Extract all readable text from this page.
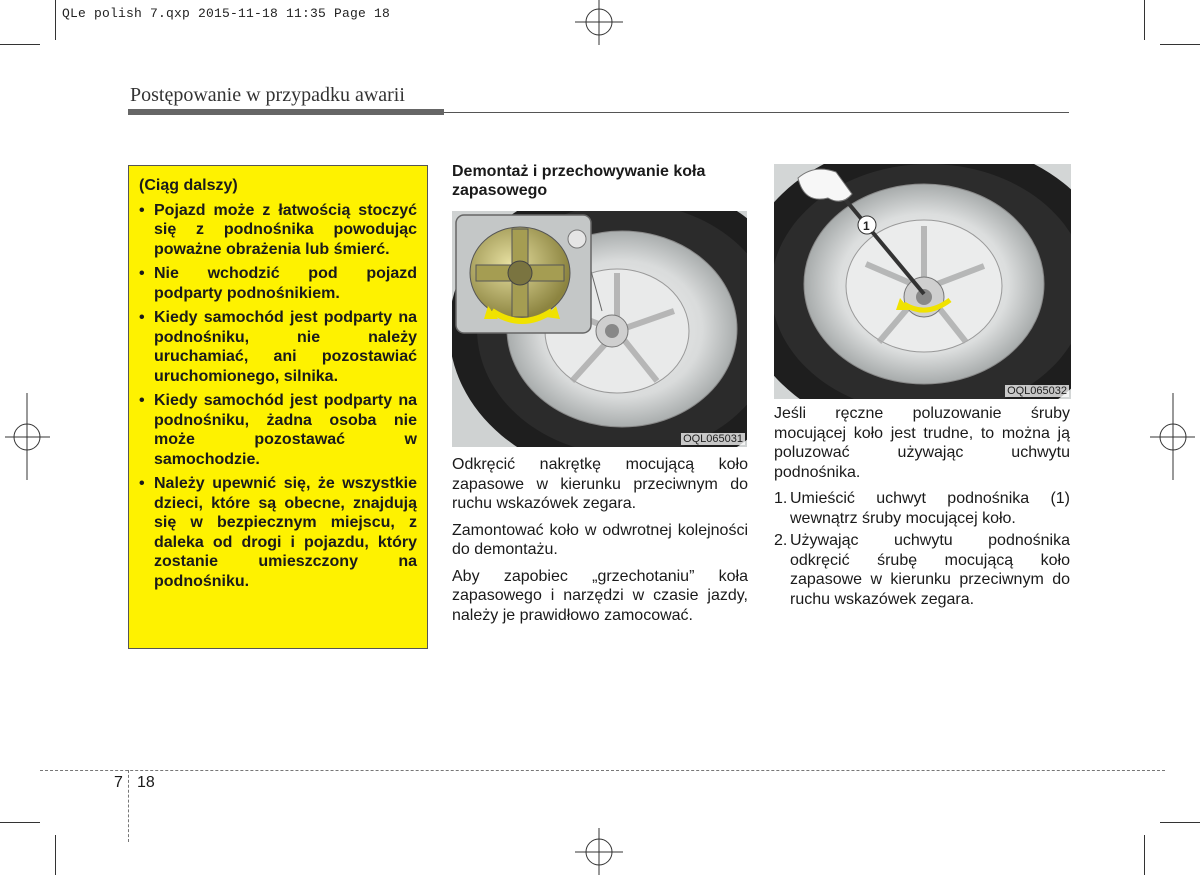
QLe polish 7.qxp 2015-11-18 11:35 Page 18
Postępowanie w przypadku awarii
(Ciąg dalszy)
• Pojazd może z łatwością stoczyć się z podnośnika powodując poważne obrażenia lub śmierć.
• Nie wchodzić pod pojazd podparty podnośnikiem.
• Kiedy samochód jest podparty na podnośniku, nie należy uruchamiać, ani pozostawiać uruchomionego, silnika.
• Kiedy samochód jest podparty na podnośniku, żadna osoba nie może pozostawać w samochodzie.
• Należy upewnić się, że wszystkie dzieci, które są obecne, znajdują się w bezpiecznym miejscu, z daleka od drogi i pojazdu, który zostanie umieszczony na podnośniku.
Demontaż i przechowywanie koła zapasowego
OQL065031

Odkręcić nakrętkę mocującą koło zapasowe w kierunku przeciwnym do ruchu wskazówek zegara.

Zamontować koło w odwrotnej kolejności do demontażu.

Aby zapobiec „grzechotaniu” koła zapasowego i narzędzi w czasie jazdy, należy je prawidłowo zamocować.

1
OQL065032

Jeśli ręczne poluzowanie śruby mocującej koło jest trudne, to można ją poluzować używając uchwytu podnośnika.

1. Umieścić uchwyt podnośnika (1) wewnątrz śruby mocującej koło.
2. Używając uchwytu podnośnika odkręcić śrubę mocującą koło zapasowe w kierunku przeciwnym do ruchu wskazówek zegara.
7 18
